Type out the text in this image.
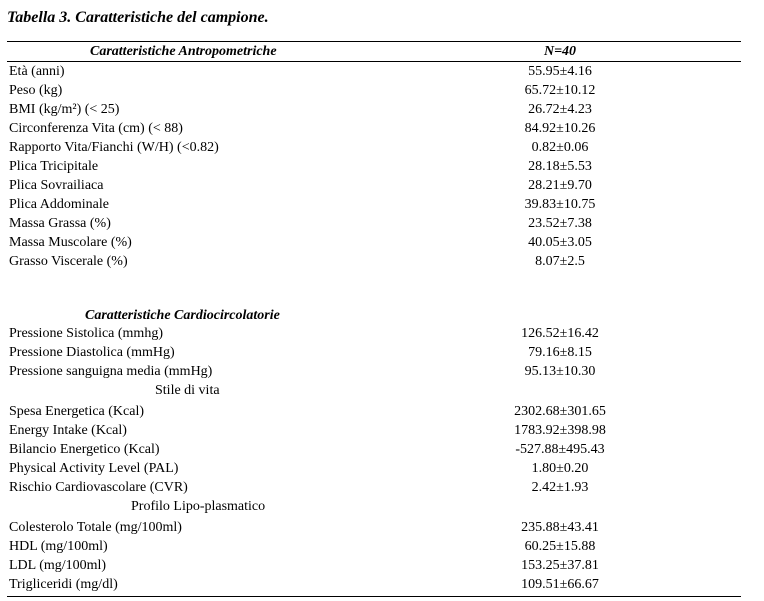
Tabella 3. Caratteristiche del campione.
Caratteristiche Antropometriche	N=40
Età (anni)	55.95±4.16
Peso (kg)	65.72±10.12
BMI (kg/m²) (< 25)	26.72±4.23
Circonferenza Vita (cm) (< 88)	84.92±10.26
Rapporto Vita/Fianchi (W/H) (<0.82)	0.82±0.06
Plica Tricipitale	28.18±5.53
Plica Sovrailiaca	28.21±9.70
Plica Addominale	39.83±10.75
Massa Grassa (%)	23.52±7.38
Massa Muscolare (%)	40.05±3.05
Grasso Viscerale (%)	8.07±2.5
Caratteristiche Cardiocircolatorie
Pressione Sistolica (mmhg)	126.52±16.42
Pressione Diastolica (mmHg)	79.16±8.15
Pressione sanguigna media (mmHg)	95.13±10.30
Stile di vita
Spesa Energetica (Kcal)	2302.68±301.65
Energy Intake (Kcal)	1783.92±398.98
Bilancio Energetico (Kcal)	-527.88±495.43
Physical Activity Level (PAL)	1.80±0.20
Rischio Cardiovascolare (CVR)	2.42±1.93
Profilo Lipo-plasmatico
Colesterolo Totale (mg/100ml)	235.88±43.41
HDL (mg/100ml)	60.25±15.88
LDL (mg/100ml)	153.25±37.81
Trigliceridi (mg/dl)	109.51±66.67
